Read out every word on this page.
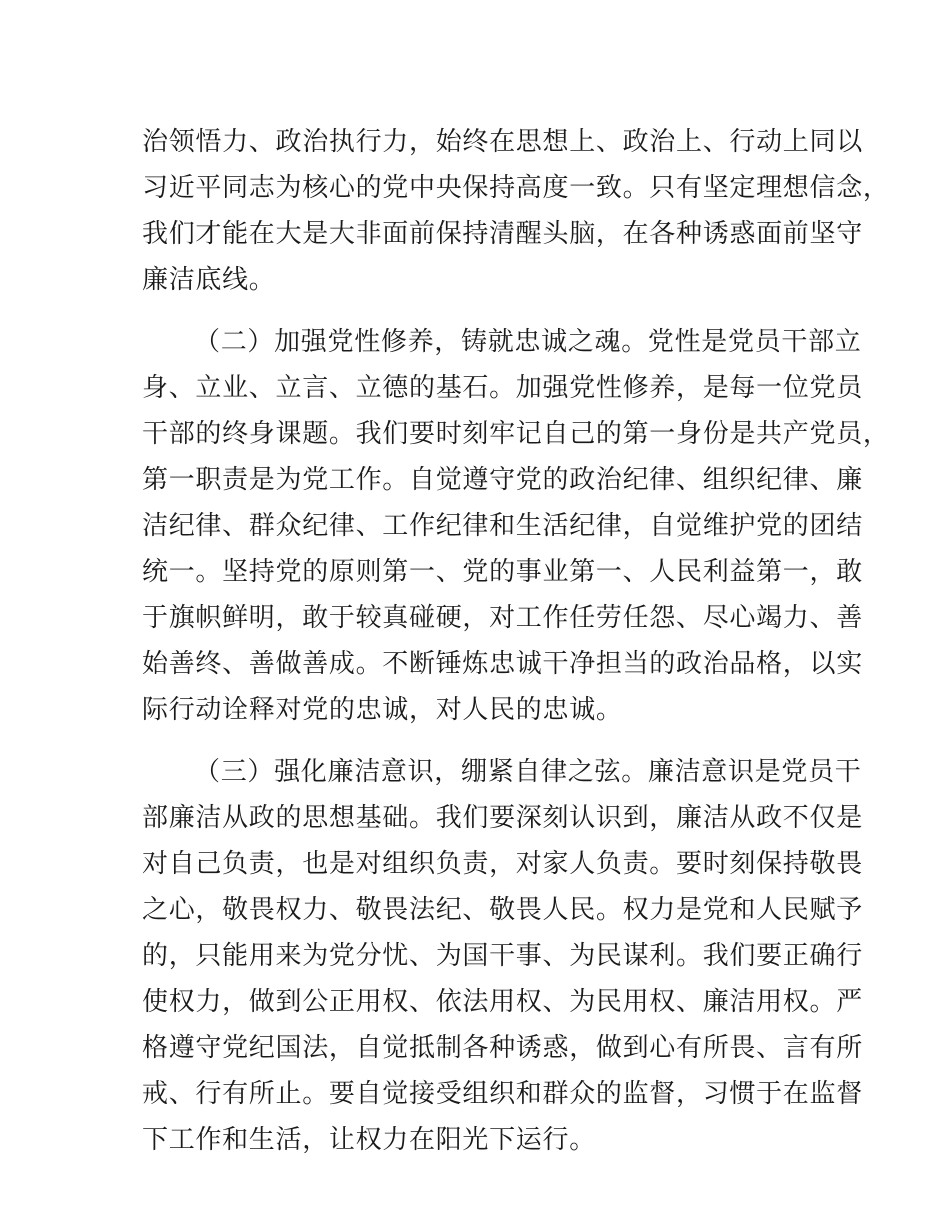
治领悟力、政治执行力，始终在思想上、政治上、行动上同以
习近平同志为核心的党中央保持高度一致。只有坚定理想信念，
我们才能在大是大非面前保持清醒头脑，在各种诱惑面前坚守
廉洁底线。
（二）加强党性修养，铸就忠诚之魂。党性是党员干部立
身、立业、立言、立德的基石。加强党性修养，是每一位党员
干部的终身课题。我们要时刻牢记自己的第一身份是共产党员，
第一职责是为党工作。自觉遵守党的政治纪律、组织纪律、廉
洁纪律、群众纪律、工作纪律和生活纪律，自觉维护党的团结
统一。坚持党的原则第一、党的事业第一、人民利益第一，敢
于旗帜鲜明，敢于较真碰硬，对工作任劳任怨、尽心竭力、善
始善终、善做善成。不断锤炼忠诚干净担当的政治品格，以实
际行动诠释对党的忠诚，对人民的忠诚。
（三）强化廉洁意识，绷紧自律之弦。廉洁意识是党员干
部廉洁从政的思想基础。我们要深刻认识到，廉洁从政不仅是
对自己负责，也是对组织负责，对家人负责。要时刻保持敬畏
之心，敬畏权力、敬畏法纪、敬畏人民。权力是党和人民赋予
的，只能用来为党分忧、为国干事、为民谋利。我们要正确行
使权力，做到公正用权、依法用权、为民用权、廉洁用权。严
格遵守党纪国法，自觉抵制各种诱惑，做到心有所畏、言有所
戒、行有所止。要自觉接受组织和群众的监督，习惯于在监督
下工作和生活，让权力在阳光下运行。
